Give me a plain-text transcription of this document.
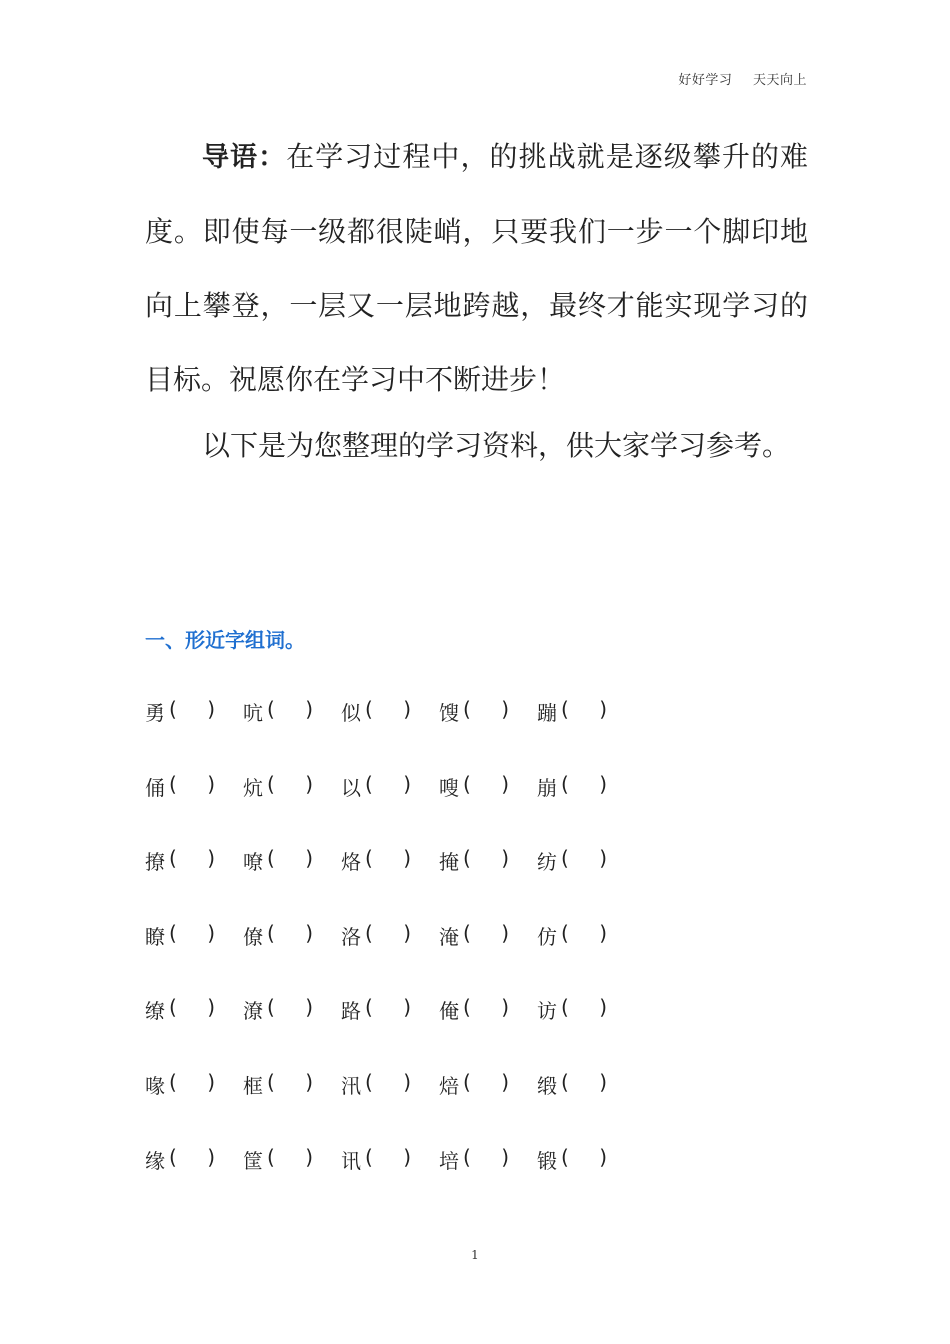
好好学习 天天向上

导语：在学习过程中，的挑战就是逐级攀升的难度。即使每一级都很陡峭，只要我们一步一个脚印地向上攀登，一层又一层地跨越，最终才能实现学习的目标。祝愿你在学习中不断进步！

以下是为您整理的学习资料，供大家学习参考。

一、形近字组词。
勇 ( ) 吭 ( ) 似 ( ) 馊 ( ) 蹦 ( )
俑 ( ) 炕 ( ) 以 ( ) 嗖 ( ) 崩 ( )
撩 ( ) 嘹 ( ) 烙 ( ) 掩 ( ) 纺 ( )
瞭 ( ) 僚 ( ) 洛 ( ) 淹 ( ) 仿 ( )
缭 ( ) 潦 ( ) 路 ( ) 俺 ( ) 访 ( )
喙 ( ) 框 ( ) 汛 ( ) 焙 ( ) 缎 ( )
缘 ( ) 筐 ( ) 讯 ( ) 培 ( ) 锻 ( )
1
